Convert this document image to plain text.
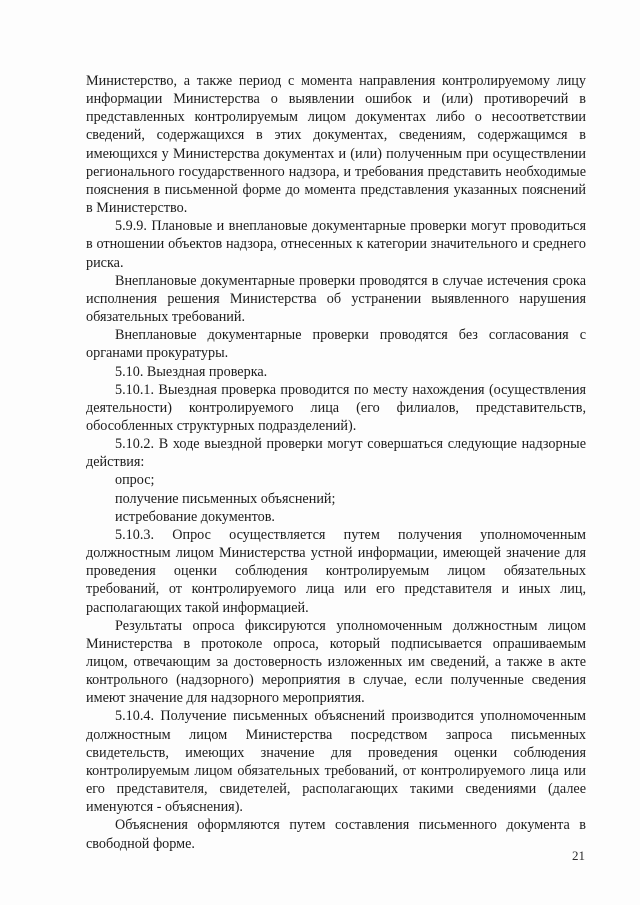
Министерство, а также период с момента направления контролируемому лицу информации Министерства о выявлении ошибок и (или) противоречий в представленных контролируемым лицом документах либо о несоответствии сведений, содержащихся в этих документах, сведениям, содержащимся в имеющихся у Министерства документах и (или) полученным при осуществлении регионального государственного надзора, и требования представить необходимые пояснения в письменной форме до момента представления указанных пояснений в Министерство.

5.9.9. Плановые и внеплановые документарные проверки могут проводиться в отношении объектов надзора, отнесенных к категории значительного и среднего риска.

Внеплановые документарные проверки проводятся в случае истечения срока исполнения решения Министерства об устранении выявленного нарушения обязательных требований.

Внеплановые документарные проверки проводятся без согласования с органами прокуратуры.

5.10. Выездная проверка.

5.10.1. Выездная проверка проводится по месту нахождения (осуществления деятельности) контролируемого лица (его филиалов, представительств, обособленных структурных подразделений).

5.10.2. В ходе выездной проверки могут совершаться следующие надзорные действия:

опрос;

получение письменных объяснений;

истребование документов.

5.10.3. Опрос осуществляется путем получения уполномоченным должностным лицом Министерства устной информации, имеющей значение для проведения оценки соблюдения контролируемым лицом обязательных требований, от контролируемого лица или его представителя и иных лиц, располагающих такой информацией.

Результаты опроса фиксируются уполномоченным должностным лицом Министерства в протоколе опроса, который подписывается опрашиваемым лицом, отвечающим за достоверность изложенных им сведений, а также в акте контрольного (надзорного) мероприятия в случае, если полученные сведения имеют значение для надзорного мероприятия.

5.10.4. Получение письменных объяснений производится уполномоченным должностным лицом Министерства посредством запроса письменных свидетельств, имеющих значение для проведения оценки соблюдения контролируемым лицом обязательных требований, от контролируемого лица или его представителя, свидетелей, располагающих такими сведениями (далее именуются - объяснения).

Объяснения оформляются путем составления письменного документа в свободной форме.

21
